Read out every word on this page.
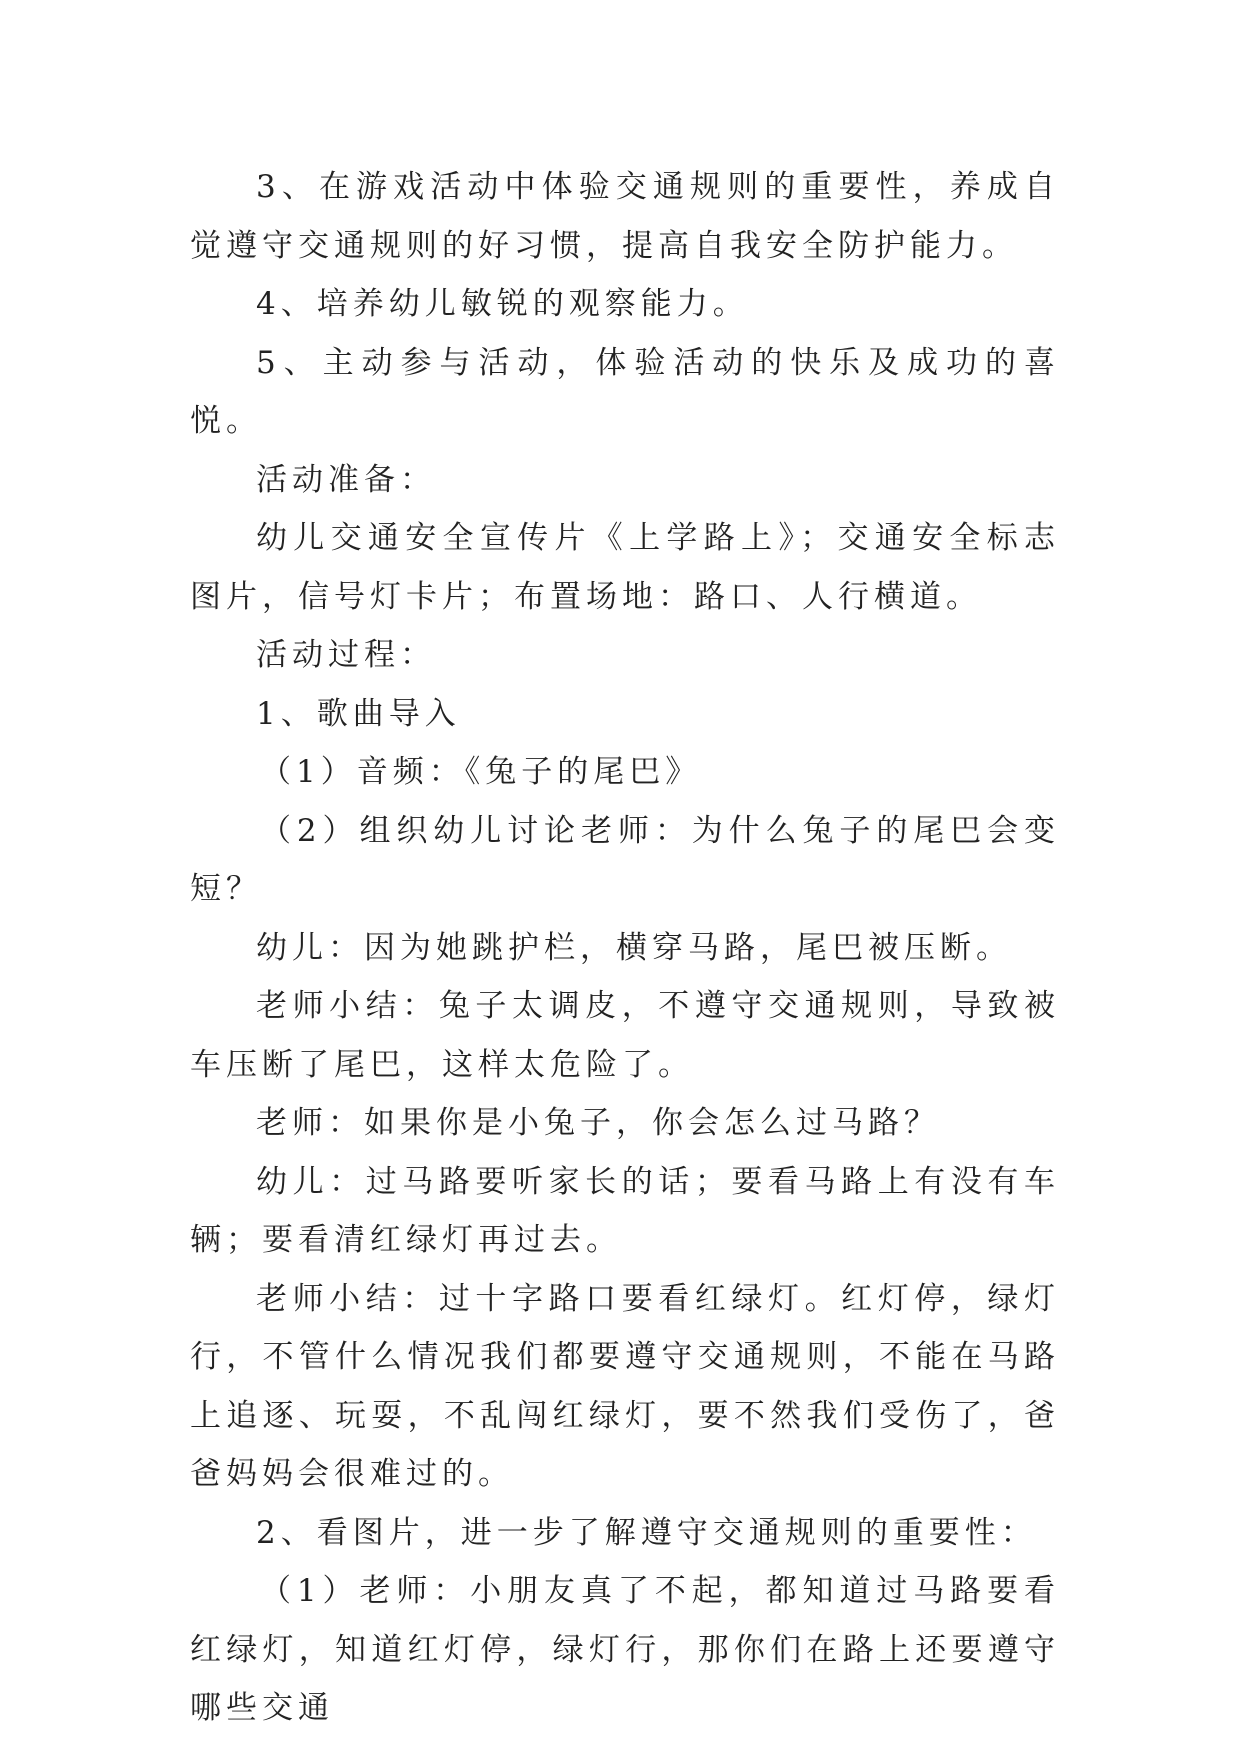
3、在游戏活动中体验交通规则的重要性，养成自觉遵守交通规则的好习惯，提高自我安全防护能力。

4、培养幼儿敏锐的观察能力。

5、主动参与活动，体验活动的快乐及成功的喜悦。

活动准备：

幼儿交通安全宣传片《上学路上》；交通安全标志图片，信号灯卡片；布置场地：路口、人行横道。

活动过程：

1、歌曲导入

（1）音频：《兔子的尾巴》

（2）组织幼儿讨论老师：为什么兔子的尾巴会变短？

幼儿：因为她跳护栏，横穿马路，尾巴被压断。

老师小结：兔子太调皮，不遵守交通规则，导致被车压断了尾巴，这样太危险了。

老师：如果你是小兔子，你会怎么过马路？

幼儿：过马路要听家长的话；要看马路上有没有车辆；要看清红绿灯再过去。

老师小结：过十字路口要看红绿灯。红灯停，绿灯行，不管什么情况我们都要遵守交通规则，不能在马路上追逐、玩耍，不乱闯红绿灯，要不然我们受伤了，爸爸妈妈会很难过的。

2、看图片，进一步了解遵守交通规则的重要性：

（1）老师：小朋友真了不起，都知道过马路要看红绿灯，知道红灯停，绿灯行，那你们在路上还要遵守哪些交通
